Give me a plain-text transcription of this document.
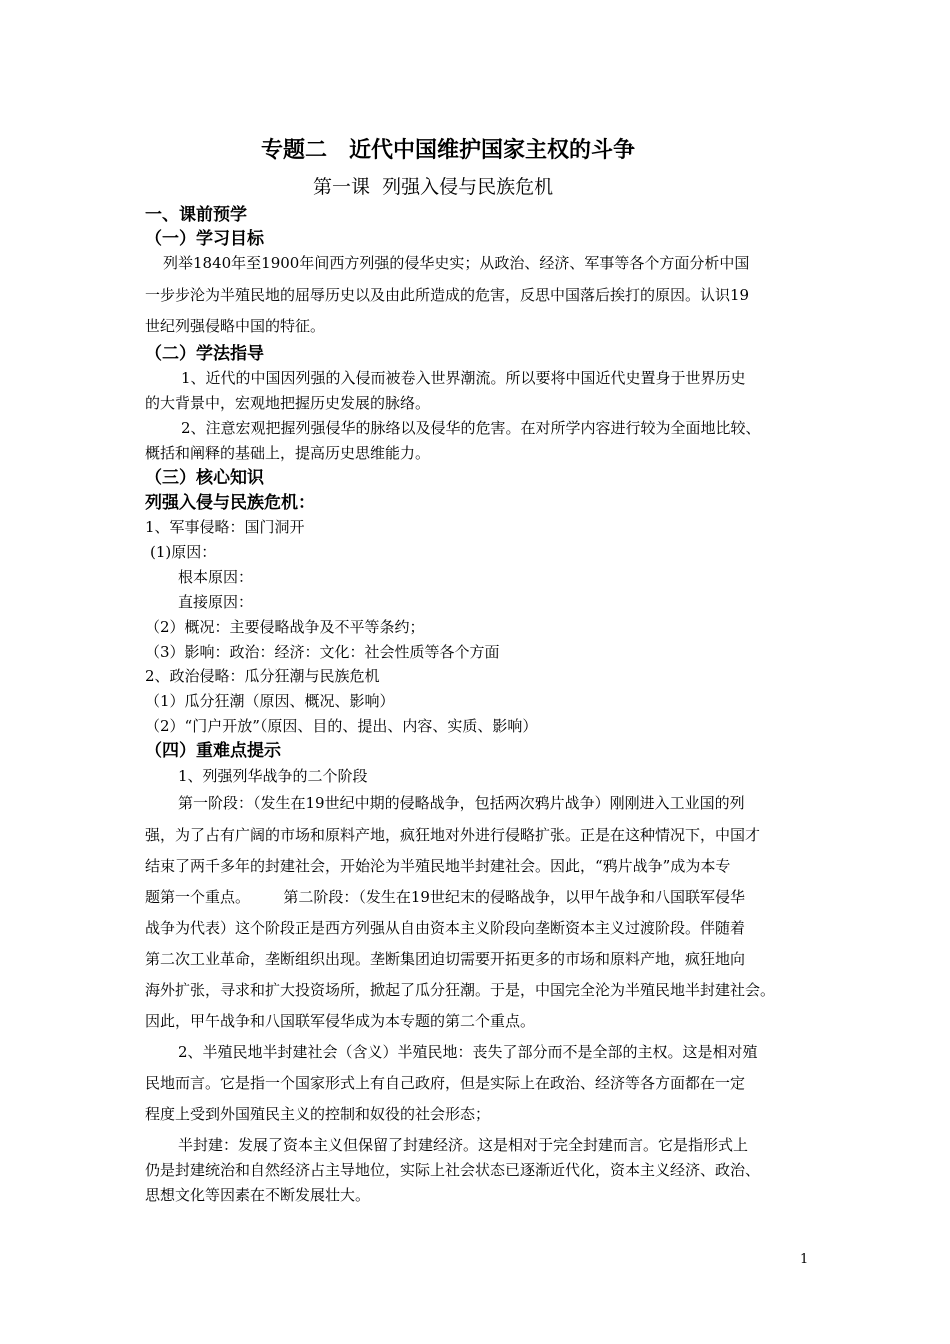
专题二　近代中国维护国家主权的斗争
第一课  列强入侵与民族危机
一、课前预学
（一）学习目标
列举1840年至1900年间西方列强的侵华史实；从政治、经济、军事等各个方面分析中国
一步步沦为半殖民地的屈辱历史以及由此所造成的危害，反思中国落后挨打的原因。认识19
世纪列强侵略中国的特征。
（二）学法指导
1、近代的中国因列强的入侵而被卷入世界潮流。所以要将中国近代史置身于世界历史
的大背景中，宏观地把握历史发展的脉络。
2、注意宏观把握列强侵华的脉络以及侵华的危害。在对所学内容进行较为全面地比较、
概括和阐释的基础上，提高历史思维能力。
（三）核心知识
列强入侵与民族危机：
1、军事侵略：国门洞开
(1)原因：
根本原因：
直接原因：
（2）概况：主要侵略战争及不平等条约；
（3）影响：政治：经济：文化：社会性质等各个方面
2、政治侵略：瓜分狂潮与民族危机
（1）瓜分狂潮（原因、概况、影响）
（2）“门户开放”（原因、目的、提出、内容、实质、影响）
（四）重难点提示
1、列强列华战争的二个阶段
第一阶段：（发生在19世纪中期的侵略战争，包括两次鸦片战争）刚刚进入工业国的列
强，为了占有广阔的市场和原料产地，疯狂地对外进行侵略扩张。正是在这种情况下，中国才
结束了两千多年的封建社会，开始沦为半殖民地半封建社会。因此，“鸦片战争”成为本专
题第一个重点。       第二阶段：（发生在19世纪末的侵略战争，以甲午战争和八国联军侵华
战争为代表）这个阶段正是西方列强从自由资本主义阶段向垄断资本主义过渡阶段。伴随着
第二次工业革命，垄断组织出现。垄断集团迫切需要开拓更多的市场和原料产地，疯狂地向
海外扩张，寻求和扩大投资场所，掀起了瓜分狂潮。于是，中国完全沦为半殖民地半封建社会。
因此，甲午战争和八国联军侵华成为本专题的第二个重点。
2、半殖民地半封建社会（含义）半殖民地：丧失了部分而不是全部的主权。这是相对殖
民地而言。它是指一个国家形式上有自己政府，但是实际上在政治、经济等各方面都在一定
程度上受到外国殖民主义的控制和奴役的社会形态；
半封建：发展了资本主义但保留了封建经济。这是相对于完全封建而言。它是指形式上
仍是封建统治和自然经济占主导地位，实际上社会状态已逐渐近代化，资本主义经济、政治、
思想文化等因素在不断发展壮大。
1
